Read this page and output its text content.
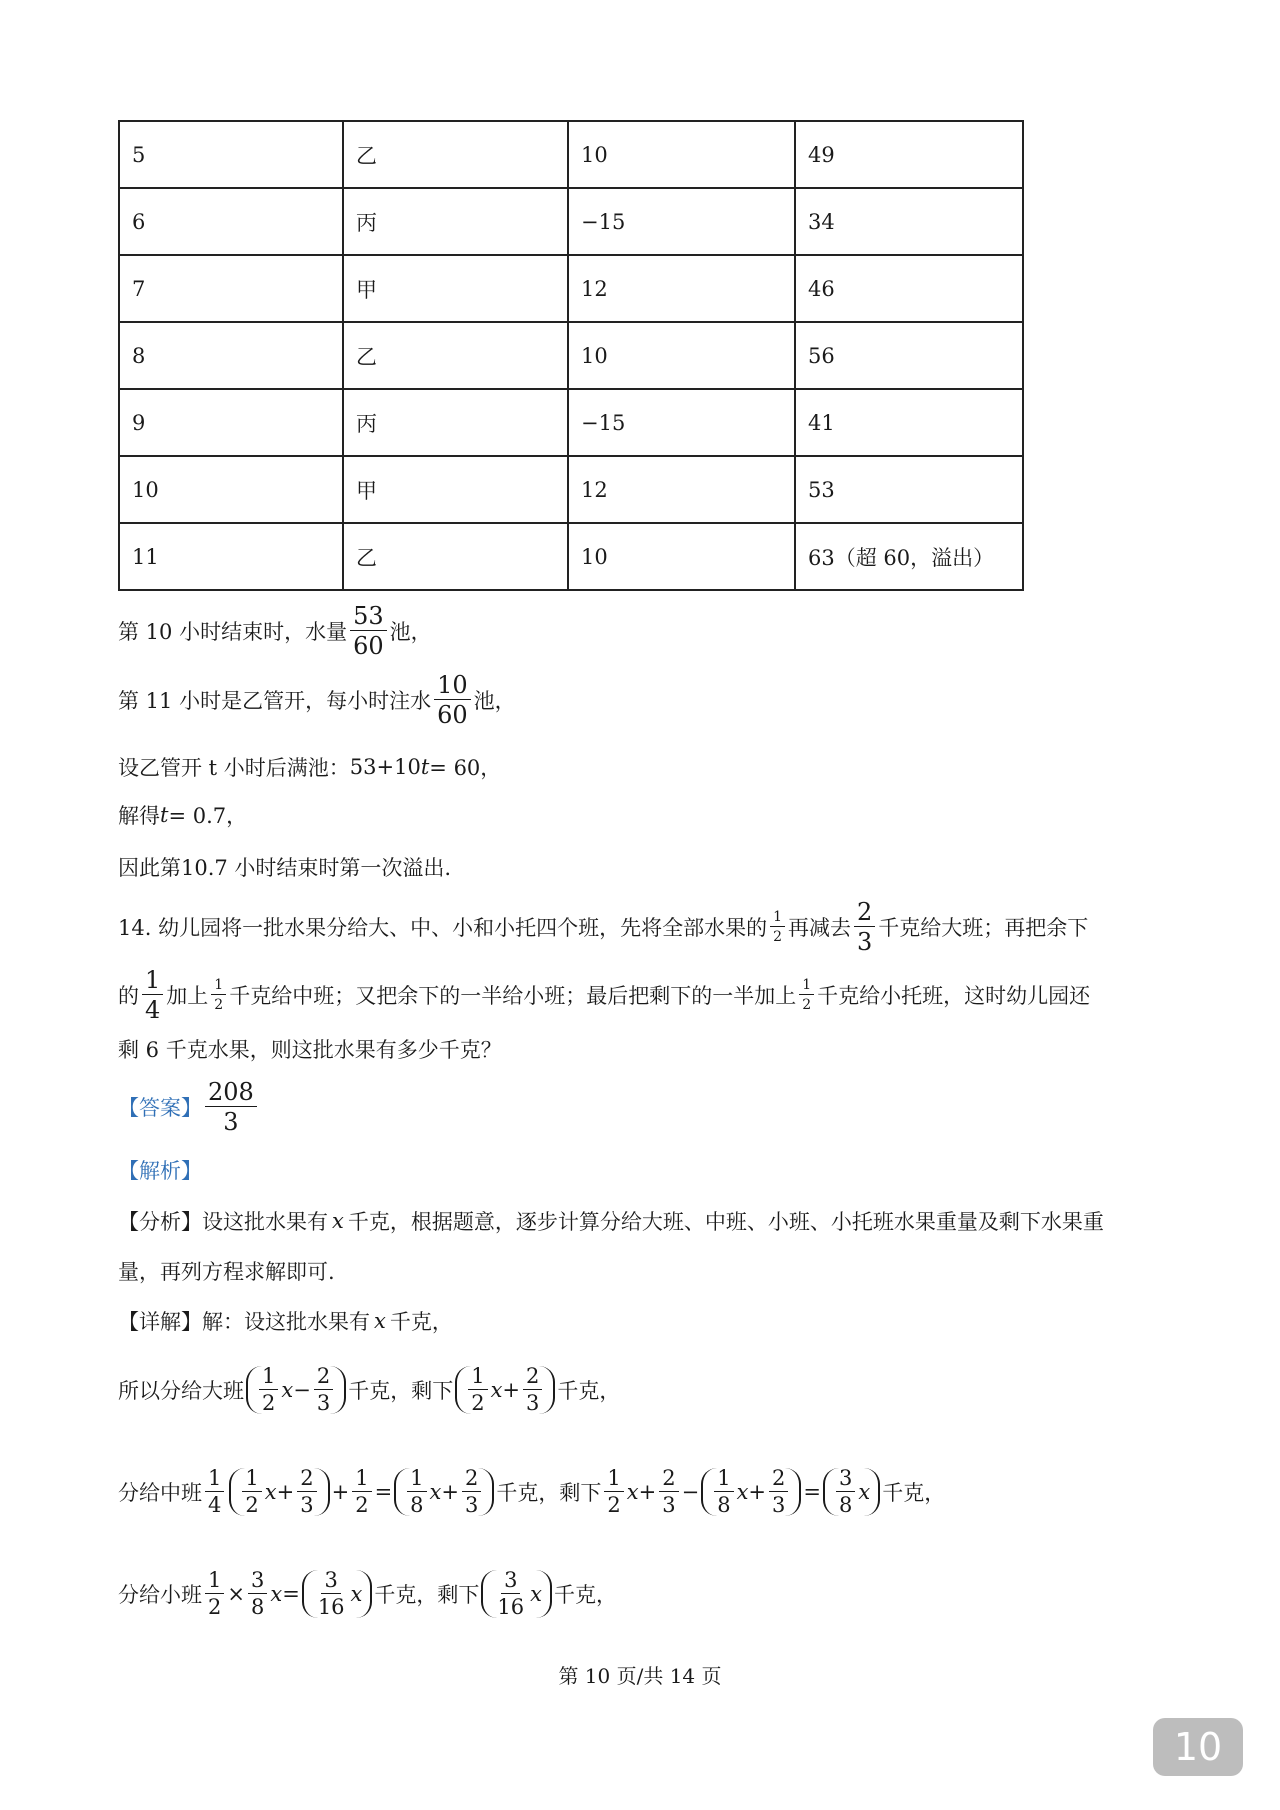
5	乙	10	49
6	丙	−15	34
7	甲	12	46
8	乙	10	56
9	丙	−15	41
10	甲	12	53
11	乙	10	63（超 60，溢出）
第 10 小时结束时，水量 $\frac{53}{60}$ 池，
第 11 小时是乙管开，每小时注水 $\frac{10}{60}$ 池，
设乙管开 t 小时后满池： 53+10 t = 60，
解得 t = 0.7，
因此第10.7 小时结束时第一次溢出.
14. 幼儿园将一批水果分给大、中、小和小托四个班，先将全部水果的 $\frac{1}{2}$ 再减去 $\frac{2}{3}$ 千克给大班；再把余下
的 $\frac{1}{4}$ 加上 $\frac{1}{2}$ 千克给中班；又把余下的一半给小班；最后把剩下的一半加上 $\frac{1}{2}$ 千克给小托班，这时幼儿园还
剩 6 千克水果，则这批水果有多少千克？
【答案】 $\frac{208}{3}$
【解析】
【分析】 设这批水果有 x 千克，根据题意，逐步计算分给大班、中班、小班、小托班水果重量及剩下水果重
量，再列方程求解即可.
【详解】 解：设这批水果有 x 千克，
所以分给大班 $\frac{1}{2}$ $x - \frac{2}{3}$ 千克， 剩下 $\frac{1}{2}$ $x + \frac{2}{3}$ 千克，
分给中班 $\frac{1}{4} \frac{1}{2}$ $x + \frac{2}{3} + \frac{1}{2} = \frac{1}{8}$ $x + \frac{2}{3}$ 千克， 剩下 $\frac{1}{2}$ $x + \frac{2}{3} - \frac{1}{8}$ $x + \frac{2}{3} = \frac{3}{8}$ x 千克，
分给小班 $\frac{1}{2} \times \frac{3}{8}$ $x = \frac{3}{16}$ x 千克， 剩下 $\frac{3}{16}$ x 千克，
第 10 页/共 14 页
10
